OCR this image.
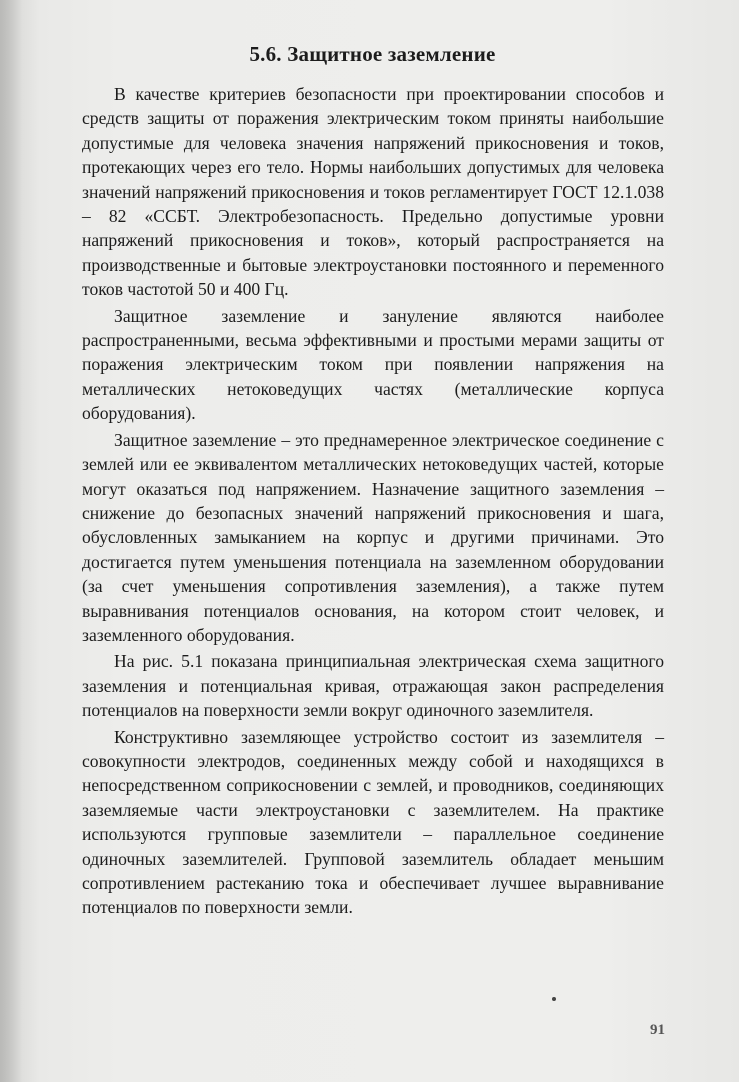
5.6. Защитное заземление

В качестве критериев безопасности при проектировании способов и средств защиты от поражения электрическим током приняты наибольшие допустимые для человека значения напряжений прикосновения и токов, протекающих через его тело. Нормы наибольших допустимых для человека значений напряжений прикосновения и токов регламентирует ГОСТ 12.1.038 – 82 «ССБТ. Электробезопасность. Предельно допустимые уровни напряжений прикосновения и токов», который распространяется на производственные и бытовые электроустановки постоянного и переменного токов частотой 50 и 400 Гц.

Защитное заземление и зануление являются наиболее распространенными, весьма эффективными и простыми мерами защиты от поражения электрическим током при появлении напряжения на металлических нетоковедущих частях (металлические корпуса оборудования).

Защитное заземление – это преднамеренное электрическое соединение с землей или ее эквивалентом металлических нетоковедущих частей, которые могут оказаться под напряжением. Назначение защитного заземления – снижение до безопасных значений напряжений прикосновения и шага, обусловленных замыканием на корпус и другими причинами. Это достигается путем уменьшения потенциала на заземленном оборудовании (за счет уменьшения сопротивления заземления), а также путем выравнивания потенциалов основания, на котором стоит человек, и заземленного оборудования.

На рис. 5.1 показана принципиальная электрическая схема защитного заземления и потенциальная кривая, отражающая закон распределения потенциалов на поверхности земли вокруг одиночного заземлителя.

Конструктивно заземляющее устройство состоит из заземлителя – совокупности электродов, соединенных между собой и находящихся в непосредственном соприкосновении с землей, и проводников, соединяющих заземляемые части электроустановки с заземлителем. На практике используются групповые заземлители – параллельное соединение одиночных заземлителей. Групповой заземлитель обладает меньшим сопротивлением растеканию тока и обеспечивает лучшее выравнивание потенциалов по поверхности земли.

91
